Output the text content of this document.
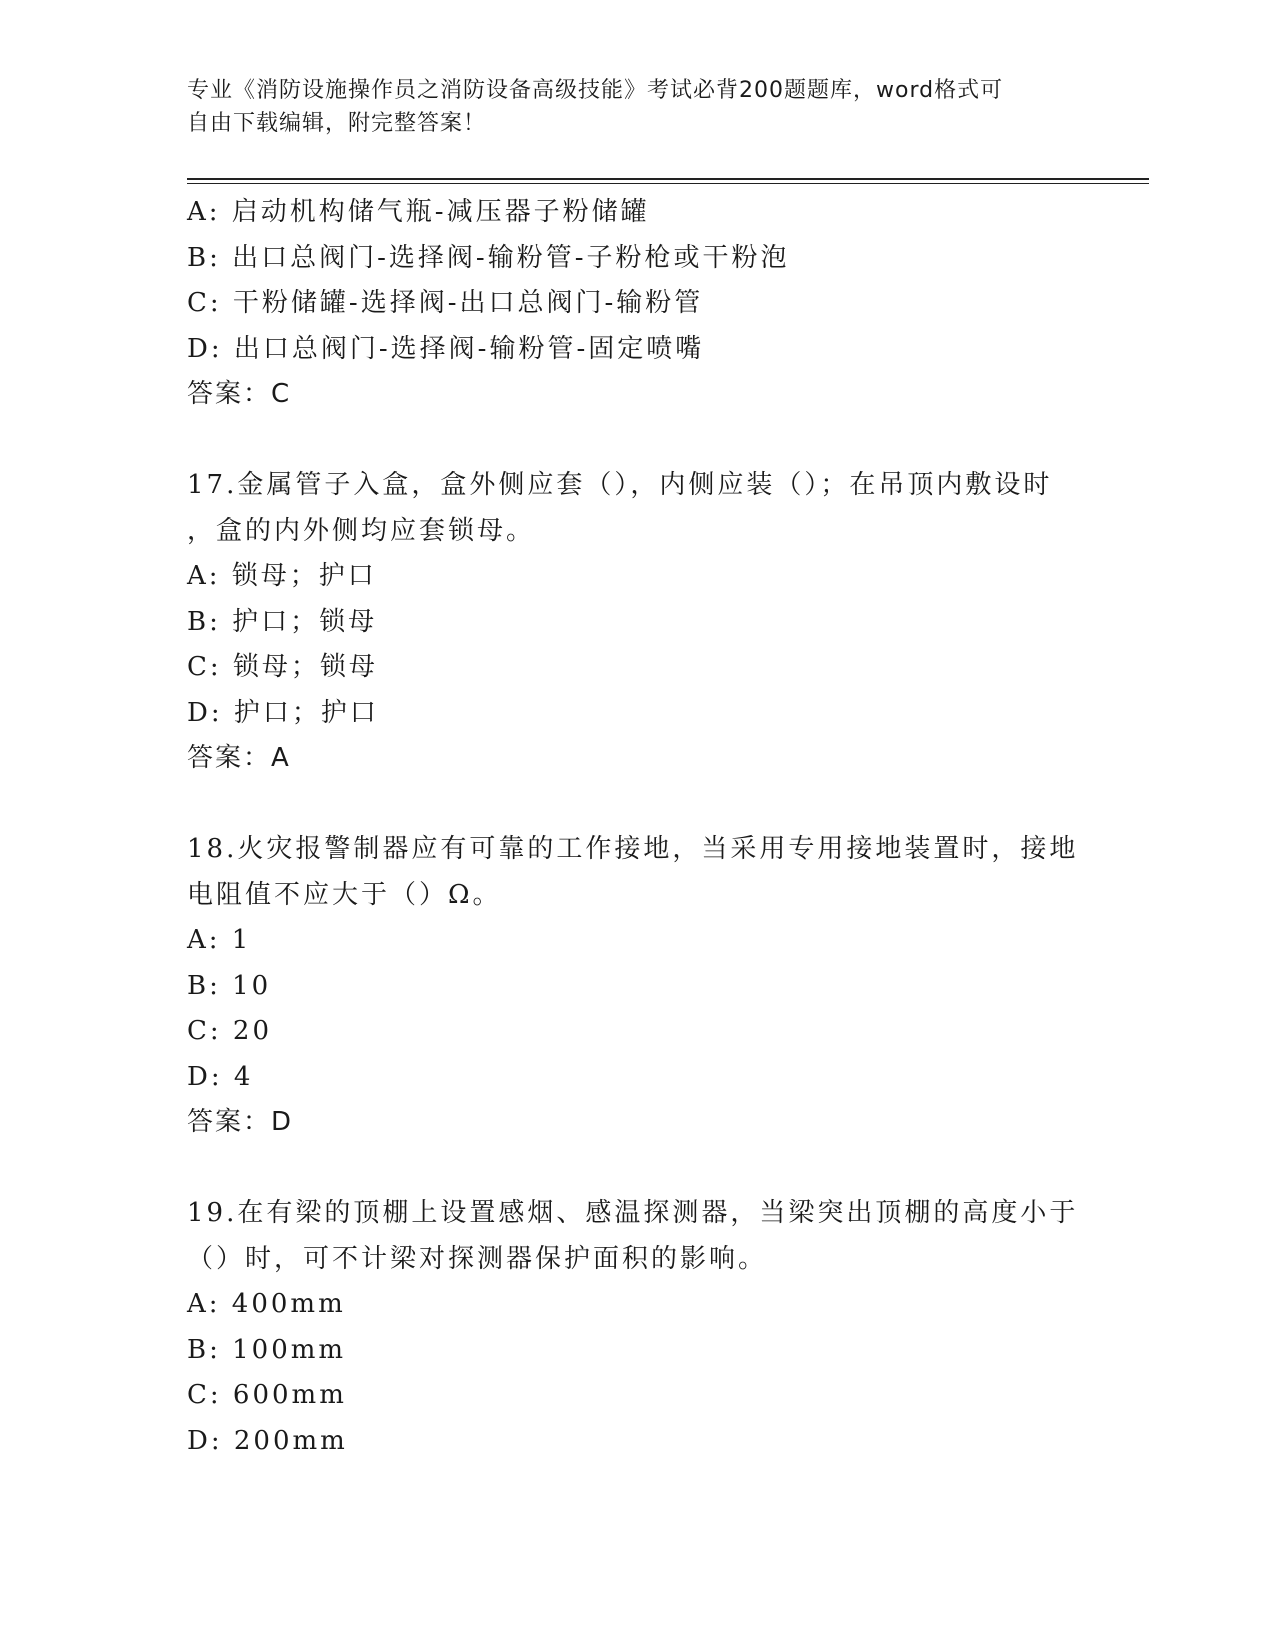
专业《消防设施操作员之消防设备高级技能》考试必背200题题库，word格式可
自由下载编辑，附完整答案！
A: 启动机构储气瓶-减压器子粉储罐
B: 出口总阀门-选择阀-输粉管-子粉枪或干粉泡
C: 干粉储罐-选择阀-出口总阀门-输粉管
D: 出口总阀门-选择阀-输粉管-固定喷嘴
答案：C
17.金属管子入盒，盒外侧应套（），内侧应装（）；在吊顶内敷设时
，盒的内外侧均应套锁母。
A: 锁母；护口
B: 护口；锁母
C: 锁母；锁母
D: 护口；护口
答案：A
18.火灾报警制器应有可靠的工作接地，当采用专用接地装置时，接地
电阻值不应大于（）Ω。
A: 1
B: 10
C: 20
D: 4
答案：D
19.在有梁的顶棚上设置感烟、感温探测器，当梁突出顶棚的高度小于
（）时，可不计梁对探测器保护面积的影响。
A: 400mm
B: 100mm
C: 600mm
D: 200mm
